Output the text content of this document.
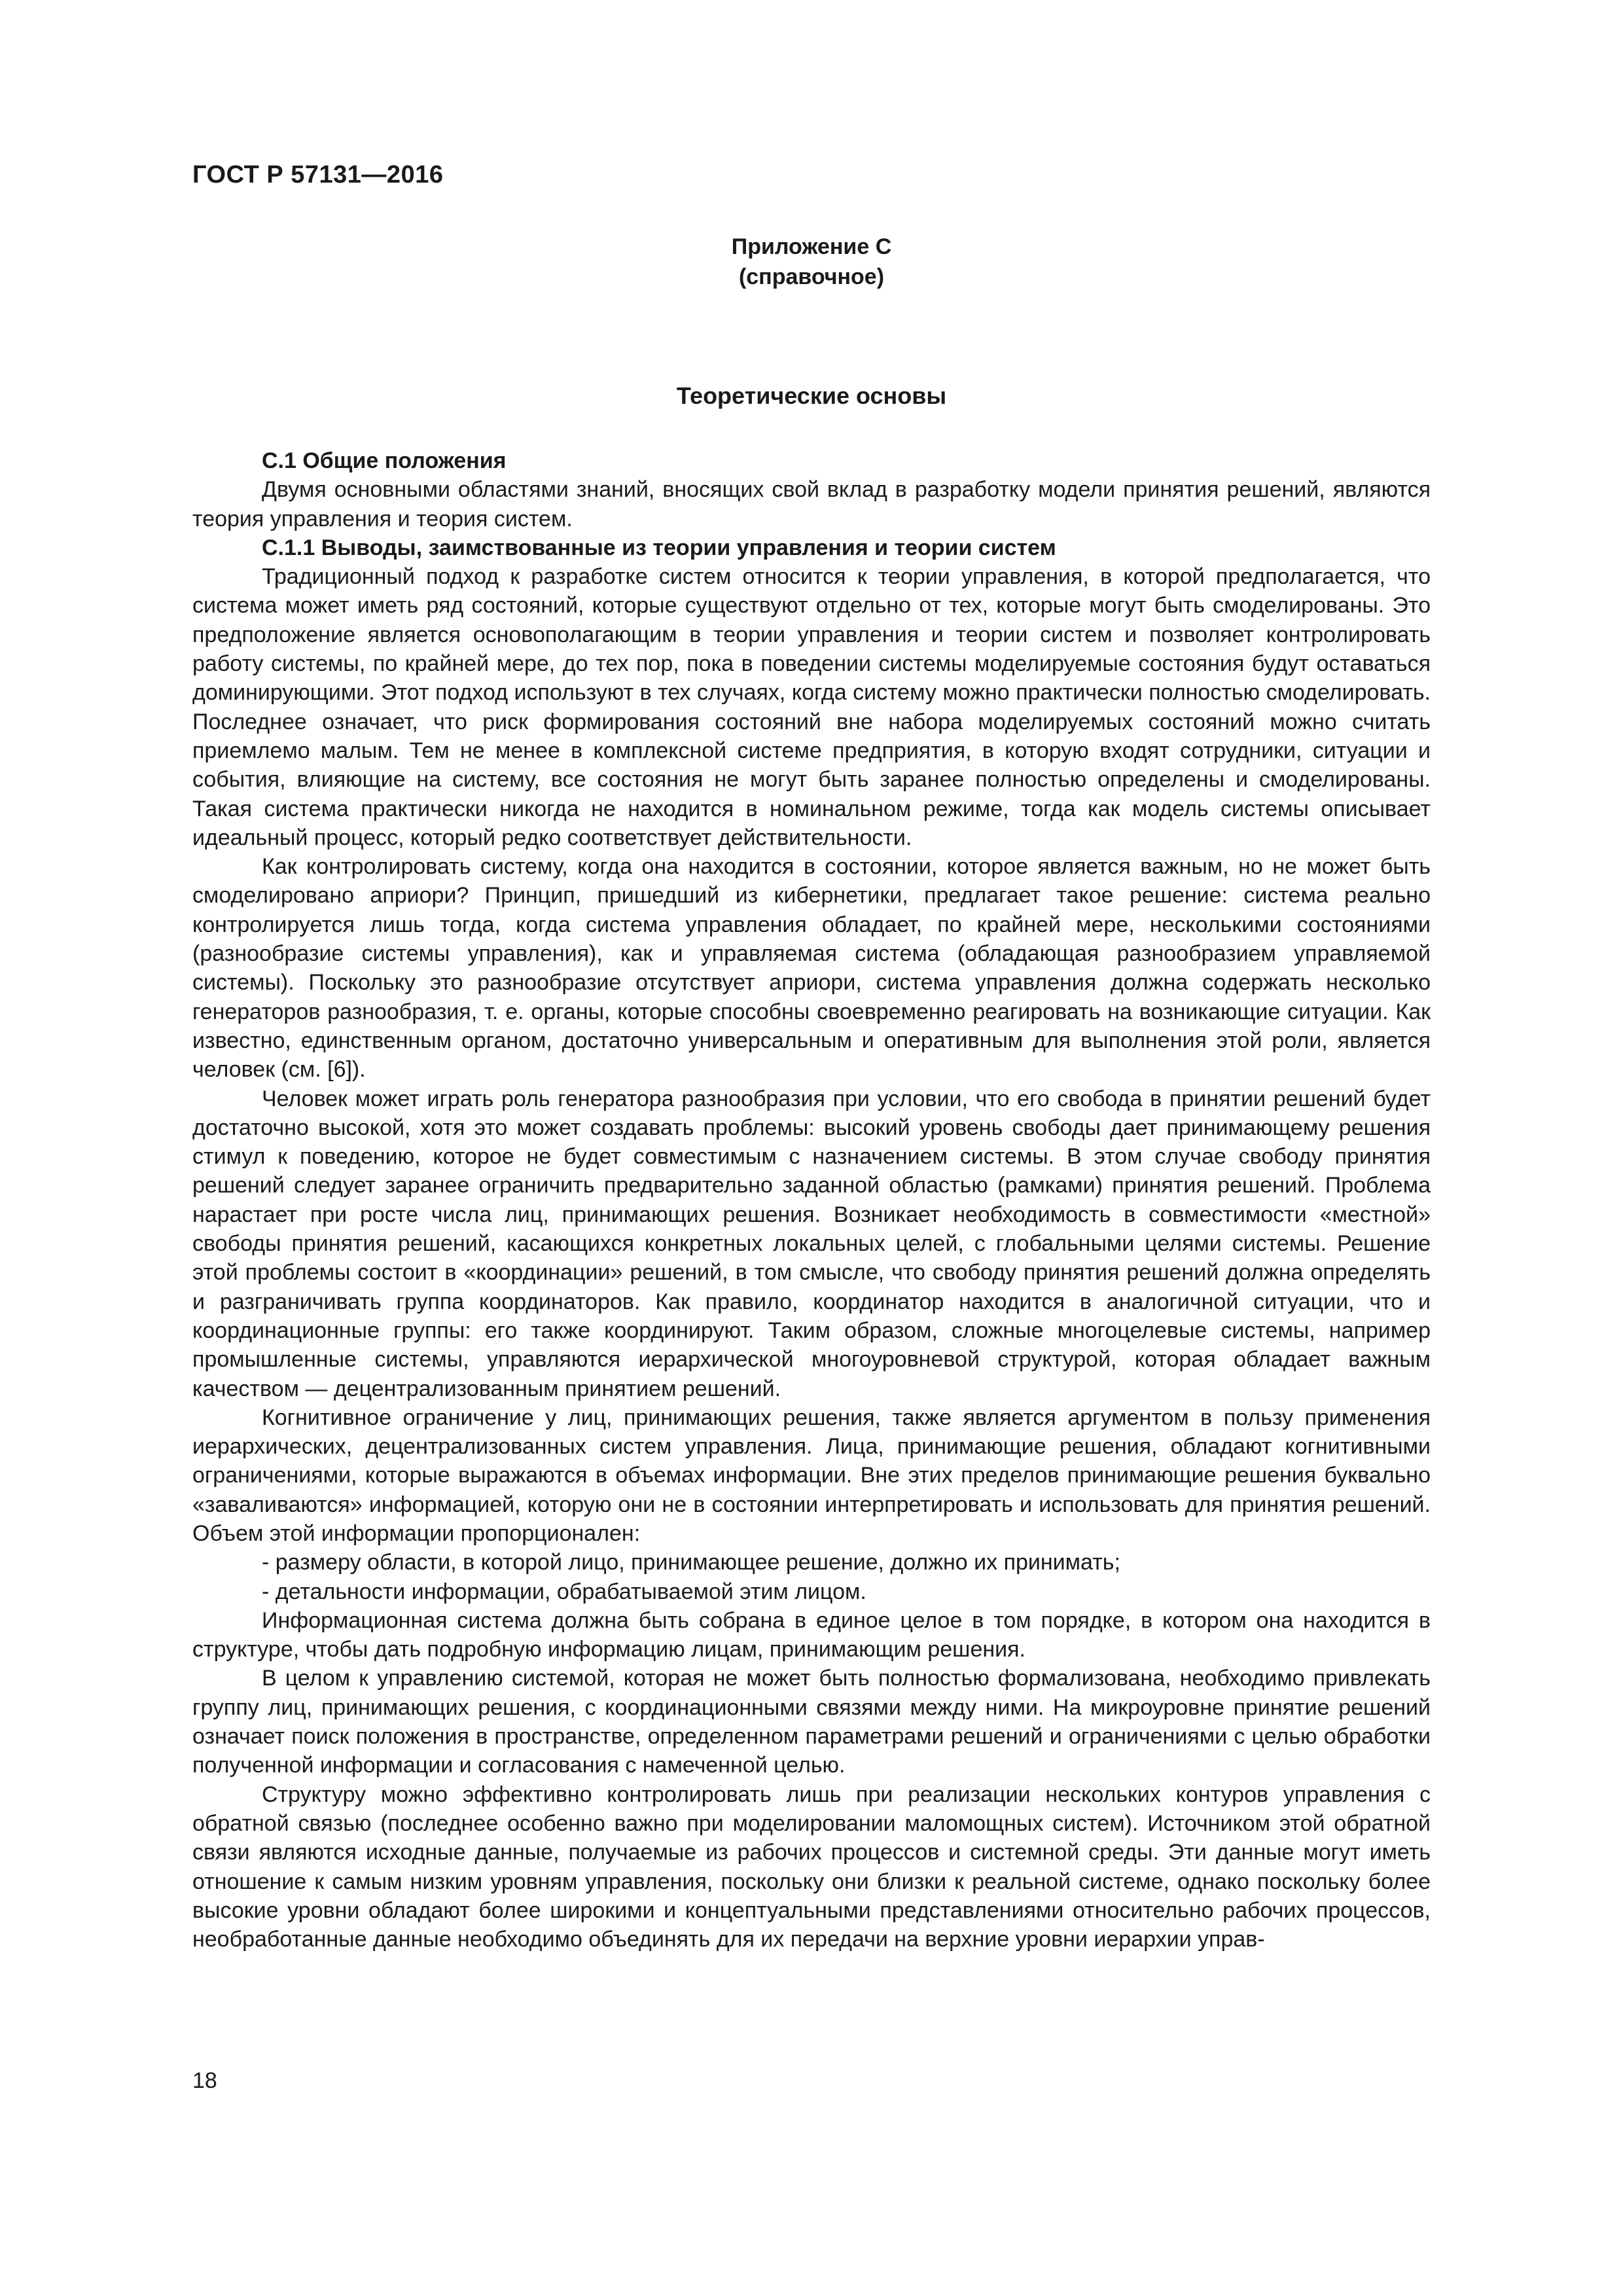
ГОСТ Р 57131—2016
Приложение С
(справочное)
Теоретические основы

С.1 Общие положения

Двумя основными областями знаний, вносящих свой вклад в разработку модели принятия решений, являются теория управления и теория систем.

С.1.1 Выводы, заимствованные из теории управления и теории систем

Традиционный подход к разработке систем относится к теории управления, в которой предполагается, что система может иметь ряд состояний, которые существуют отдельно от тех, которые могут быть смоделированы. Это предположение является основополагающим в теории управления и теории систем и позволяет контролировать работу системы, по крайней мере, до тех пор, пока в поведении системы моделируемые состояния будут оставаться доминирующими. Этот подход используют в тех случаях, когда систему можно практически полностью смоделировать. Последнее означает, что риск формирования состояний вне набора моделируемых состояний можно считать приемлемо малым. Тем не менее в комплексной системе предприятия, в которую входят сотрудники, ситуации и события, влияющие на систему, все состояния не могут быть заранее полностью определены и смоделированы. Такая система практически никогда не находится в номинальном режиме, тогда как модель системы описывает идеальный процесс, который редко соответствует действительности.

Как контролировать систему, когда она находится в состоянии, которое является важным, но не может быть смоделировано априори? Принцип, пришедший из кибернетики, предлагает такое решение: система реально контролируется лишь тогда, когда система управления обладает, по крайней мере, несколькими состояниями (разнообразие системы управления), как и управляемая система (обладающая разнообразием управляемой системы). Поскольку это разнообразие отсутствует априори, система управления должна содержать несколько генераторов разнообразия, т. е. органы, которые способны своевременно реагировать на возникающие ситуации. Как известно, единственным органом, достаточно универсальным и оперативным для выполнения этой роли, является человек (см. [6]).

Человек может играть роль генератора разнообразия при условии, что его свобода в принятии решений будет достаточно высокой, хотя это может создавать проблемы: высокий уровень свободы дает принимающему решения стимул к поведению, которое не будет совместимым с назначением системы. В этом случае свободу принятия решений следует заранее ограничить предварительно заданной областью (рамками) принятия решений. Проблема нарастает при росте числа лиц, принимающих решения. Возникает необходимость в совместимости «местной» свободы принятия решений, касающихся конкретных локальных целей, с глобальными целями системы. Решение этой проблемы состоит в «координации» решений, в том смысле, что свободу принятия решений должна определять и разграничивать группа координаторов. Как правило, координатор находится в аналогичной ситуации, что и координационные группы: его также координируют. Таким образом, сложные многоцелевые системы, например промышленные системы, управляются иерархической многоуровневой структурой, которая обладает важным качеством — децентрализованным принятием решений.

Когнитивное ограничение у лиц, принимающих решения, также является аргументом в пользу применения иерархических, децентрализованных систем управления. Лица, принимающие решения, обладают когнитивными ограничениями, которые выражаются в объемах информации. Вне этих пределов принимающие решения буквально «заваливаются» информацией, которую они не в состоянии интерпретировать и использовать для принятия решений. Объем этой информации пропорционален:

- размеру области, в которой лицо, принимающее решение, должно их принимать;

- детальности информации, обрабатываемой этим лицом.

Информационная система должна быть собрана в единое целое в том порядке, в котором она находится в структуре, чтобы дать подробную информацию лицам, принимающим решения.

В целом к управлению системой, которая не может быть полностью формализована, необходимо привлекать группу лиц, принимающих решения, с координационными связями между ними. На микроуровне принятие решений означает поиск положения в пространстве, определенном параметрами решений и ограничениями с целью обработки полученной информации и согласования с намеченной целью.

Структуру можно эффективно контролировать лишь при реализации нескольких контуров управления с обратной связью (последнее особенно важно при моделировании маломощных систем). Источником этой обратной связи являются исходные данные, получаемые из рабочих процессов и системной среды. Эти данные могут иметь отношение к самым низким уровням управления, поскольку они близки к реальной системе, однако поскольку более высокие уровни обладают более широкими и концептуальными представлениями относительно рабочих процессов, необработанные данные необходимо объединять для их передачи на верхние уровни иерархии управ-

18
